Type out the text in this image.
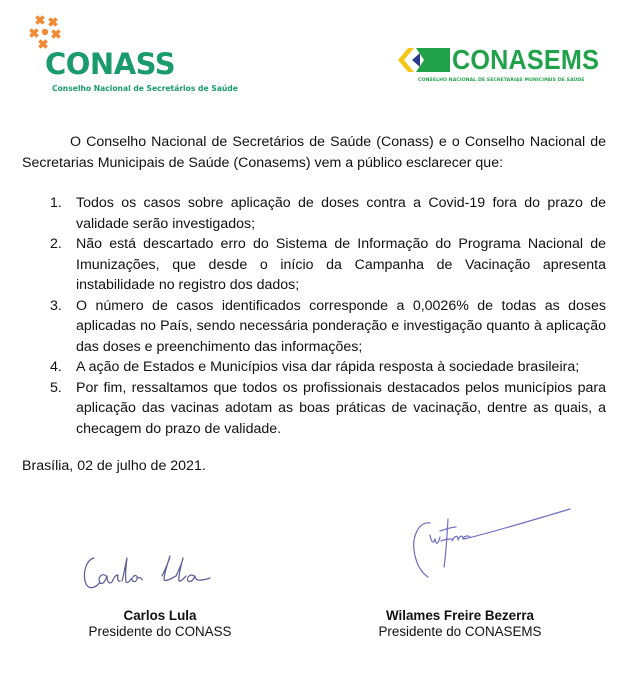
CONASS
Conselho Nacional de Secretários de Saúde
CONASEMS
CONSELHO NACIONAL DE SECRETARIAS MUNICIPAIS DE SAÚDE

O Conselho Nacional de Secretários de Saúde (Conass) e o Conselho Nacional de Secretarias Municipais de Saúde (Conasems) vem a público esclarecer que:

1. Todos os casos sobre aplicação de doses contra a Covid-19 fora do prazo de validade serão investigados;
2. Não está descartado erro do Sistema de Informação do Programa Nacional de Imunizações, que desde o início da Campanha de Vacinação apresenta instabilidade no registro dos dados;
3. O número de casos identificados corresponde a 0,0026% de todas as doses aplicadas no País, sendo necessária ponderação e investigação quanto à aplicação das doses e preenchimento das informações;
4. A ação de Estados e Municípios visa dar rápida resposta à sociedade brasileira;
5. Por fim, ressaltamos que todos os profissionais destacados pelos municípios para aplicação das vacinas adotam as boas práticas de vacinação, dentre as quais, a checagem do prazo de validade.

Brasília, 02 de julho de 2021.

Carlos Lula
Presidente do CONASS
Wilames Freire Bezerra
Presidente do CONASEMS
